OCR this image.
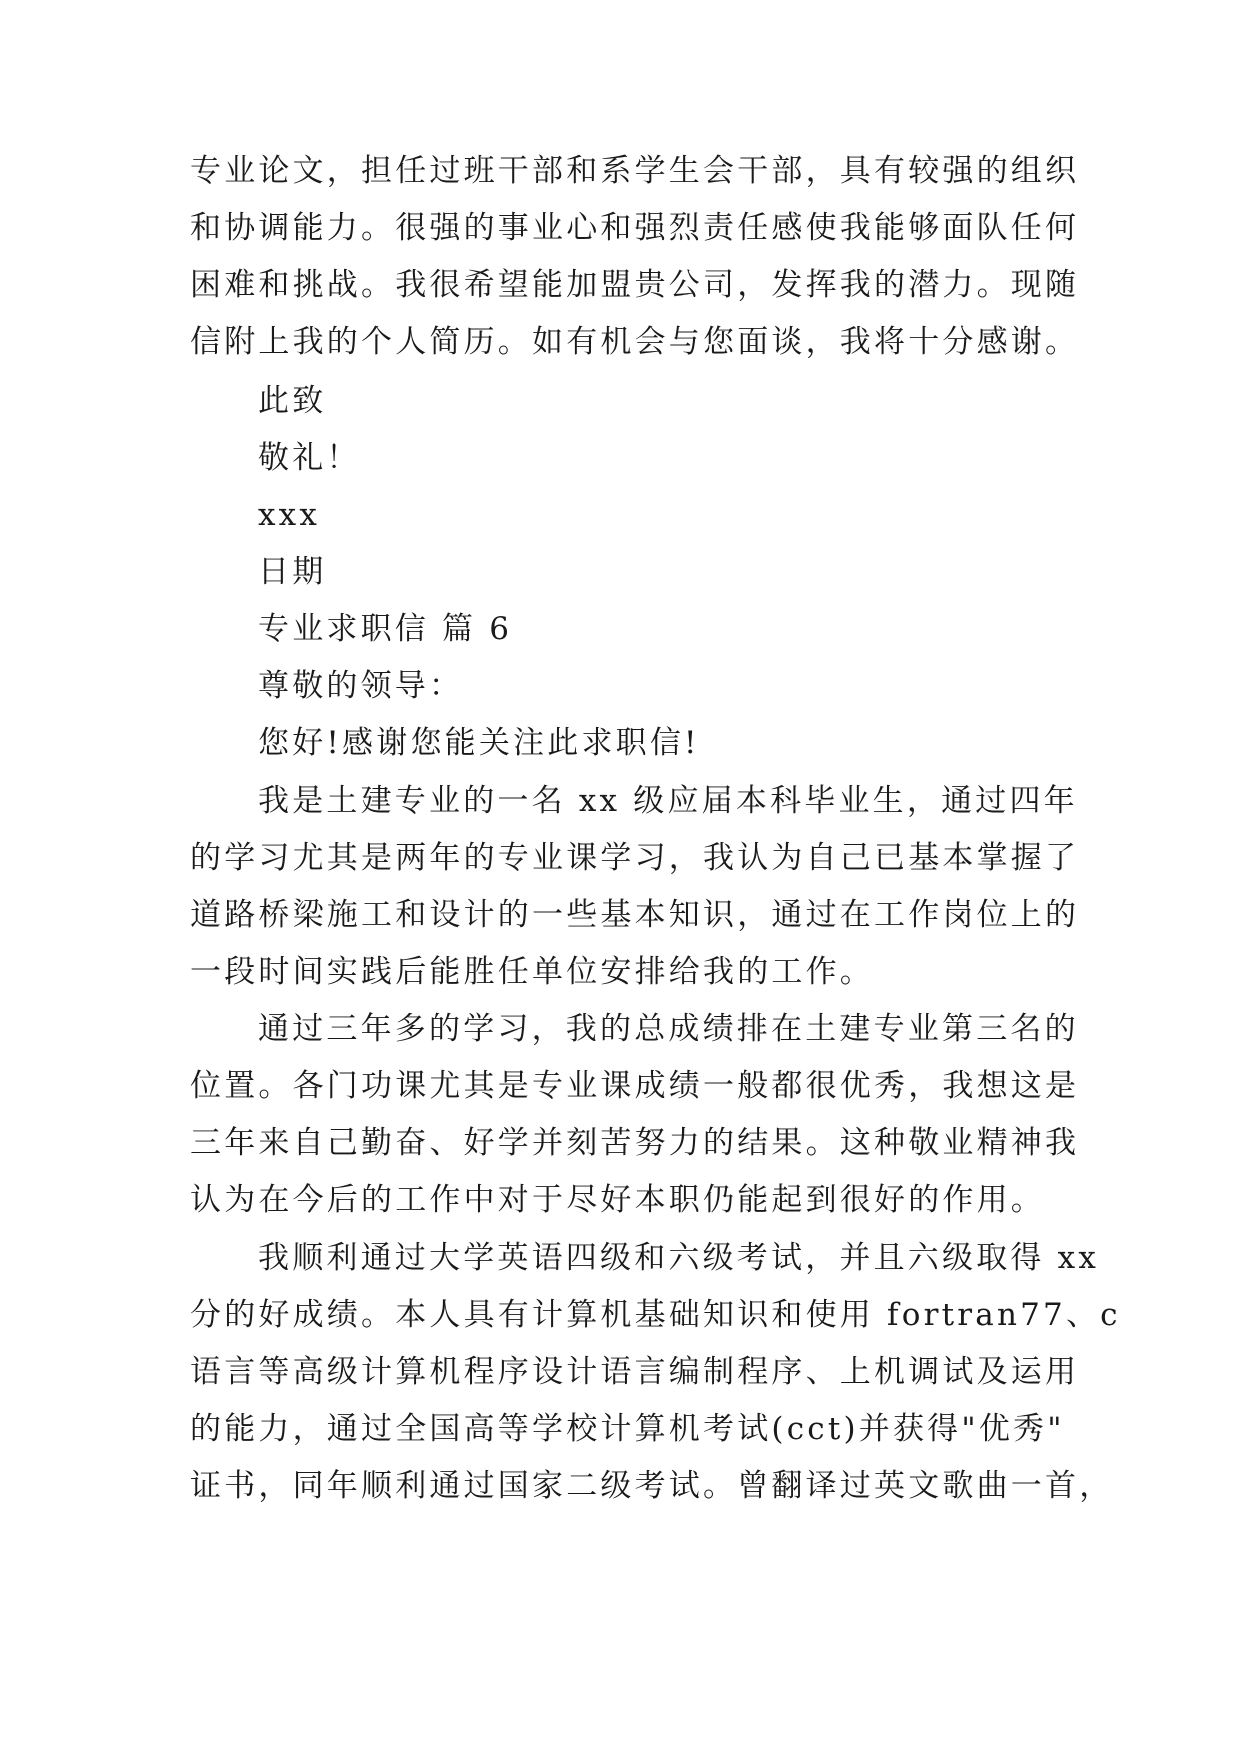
专业论文，担任过班干部和系学生会干部，具有较强的组织
和协调能力。很强的事业心和强烈责任感使我能够面队任何
困难和挑战。我很希望能加盟贵公司，发挥我的潜力。现随
信附上我的个人简历。如有机会与您面谈，我将十分感谢。
此致
敬礼！
xxx
日期
专业求职信 篇 6
尊敬的领导：
您好!感谢您能关注此求职信!
我是土建专业的一名 xx 级应届本科毕业生，通过四年
的学习尤其是两年的专业课学习，我认为自己已基本掌握了
道路桥梁施工和设计的一些基本知识，通过在工作岗位上的
一段时间实践后能胜任单位安排给我的工作。
通过三年多的学习，我的总成绩排在土建专业第三名的
位置。各门功课尤其是专业课成绩一般都很优秀，我想这是
三年来自己勤奋、好学并刻苦努力的结果。这种敬业精神我
认为在今后的工作中对于尽好本职仍能起到很好的作用。
我顺利通过大学英语四级和六级考试，并且六级取得 xx
分的好成绩。本人具有计算机基础知识和使用 fortran77、c
语言等高级计算机程序设计语言编制程序、上机调试及运用
的能力，通过全国高等学校计算机考试(cct)并获得"优秀"
证书，同年顺利通过国家二级考试。曾翻译过英文歌曲一首，
